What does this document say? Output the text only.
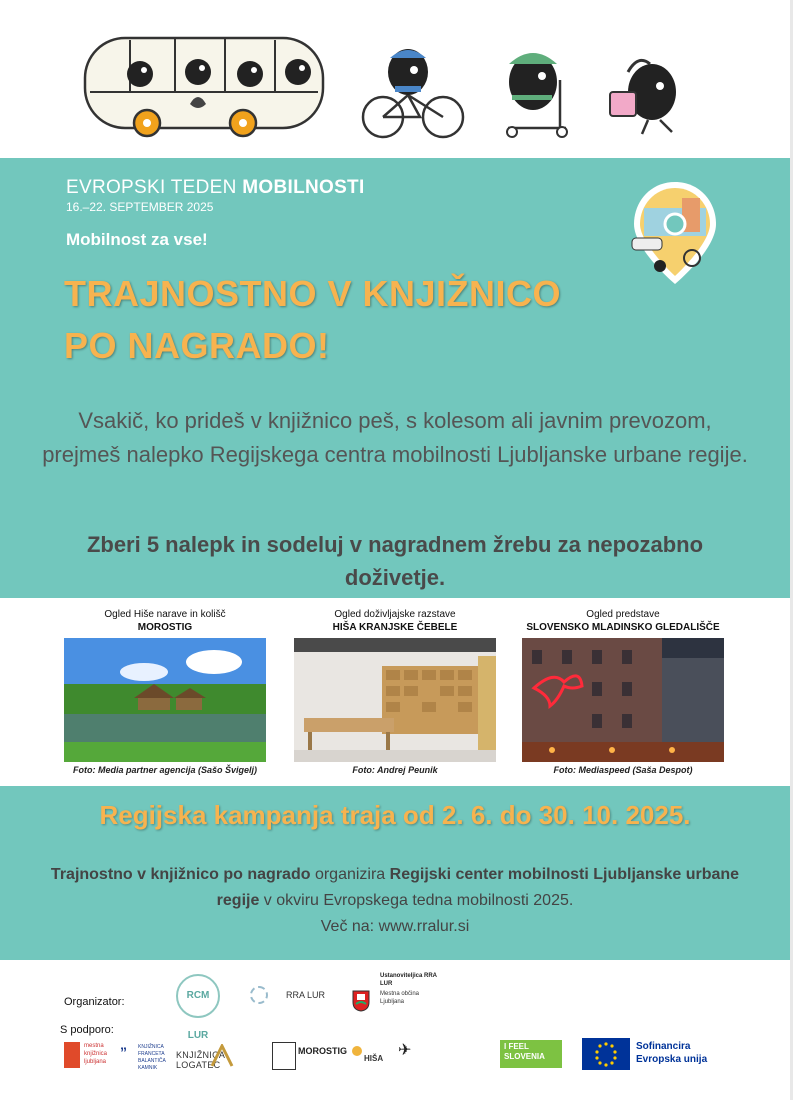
EVROPSKI TEDEN MOBILNOSTI
16.–22. SEPTEMBER 2025
Mobilnost za vse!
TRAJNOSTNO V KNJIŽNICO
PO NAGRADO!
Vsakič, ko prideš v knjižnico peš, s kolesom ali javnim prevozom, prejmeš nalepko Regijskega centra mobilnosti Ljubljanske urbane regije.
Zberi 5 nalepk in sodeluj v nagradnem žrebu za nepozabno doživetje.
Ogled Hiše narave in kolišč
MOROSTIG
Foto: Media partner agencija (Sašo Švigelj)
Ogled doživljajske razstave
HIŠA KRANJSKE ČEBELE
Foto: Andrej Peunik
Ogled predstave
SLOVENSKO MLADINSKO GLEDALIŠČE
Foto: Mediaspeed (Saša Despot)
Regijska kampanja traja od 2. 6. do 30. 10. 2025.
Trajnostno v knjižnico po nagrado organizira Regijski center mobilnosti Ljubljanske urbane regije v okviru Evropskega tedna mobilnosti 2025.
Več na: www.rralur.si
Organizator:
S podporo:
RCM LUR
RRA LUR
Ustanoviteljica RRA LUR
Mestna občina Ljubljana
mestna knjižnica ljubljana
” KNJIŽNICA FRANCETA BALANTIČA KAMNIK
KNJIŽNICA LOGATEC
MOROSTIG
HIŠA ✈	I FEEL SLOVENIA
Sofinancira Evropska unija
